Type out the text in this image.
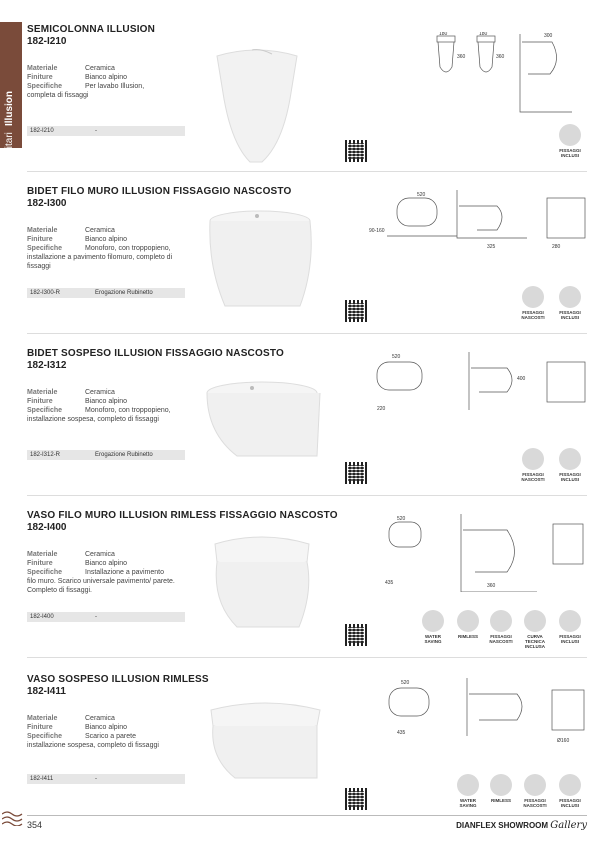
Illusion
Sanitari
SEMICOLONNA ILLUSION
182-I210
Materiale	Ceramica
Finiture	Bianco alpino
Specifiche	Per lavabo Illusion,
completa di fissaggi
182-I210	-
180	180	300
360	360
FISSAGGI INCLUSI
BIDET FILO MURO ILLUSION FISSAGGIO NASCOSTO
182-I300
Materiale	Ceramica
Finiture	Bianco alpino
Specifiche	Monoforo, con troppopieno,
installazione a pavimento filomuro, completo di fissaggi
182-I300-R	Erogazione Rubinetto
520
90-160
325	280
FISSAGGI NASCOSTI
FISSAGGI INCLUSI
BIDET SOSPESO ILLUSION FISSAGGIO NASCOSTO
182-I312
Materiale	Ceramica
Finiture	Bianco alpino
Specifiche	Monoforo, con troppopieno,
installazione sospesa, completo di fissaggi
182-I312-R	Erogazione Rubinetto
520
400
220
FISSAGGI NASCOSTI
FISSAGGI INCLUSI
VASO FILO MURO ILLUSION RIMLESS FISSAGGIO NASCOSTO
182-I400
Materiale	Ceramica
Finiture	Bianco alpino
Specifiche	Installazione a pavimento
filo muro. Scarico universale pavimento/ parete. Completo di fissaggi.
182-I400	-
520
435	360
WATER SAVING
RIMLESS	FISSAGGI NASCOSTI
CURVA TECNICA INCLUSA
FISSAGGI INCLUSI
VASO SOSPESO ILLUSION RIMLESS
182-I411
Materiale	Ceramica
Finiture	Bianco alpino
Specifiche	Scarico a parete
installazione sospesa, completo di fissaggi
182-I411	-
520
435
Ø160
WATER SAVING
RIMLESS	FISSAGGI NASCOSTI
FISSAGGI INCLUSI
354	DIANFLEX SHOWROOM Gallery
